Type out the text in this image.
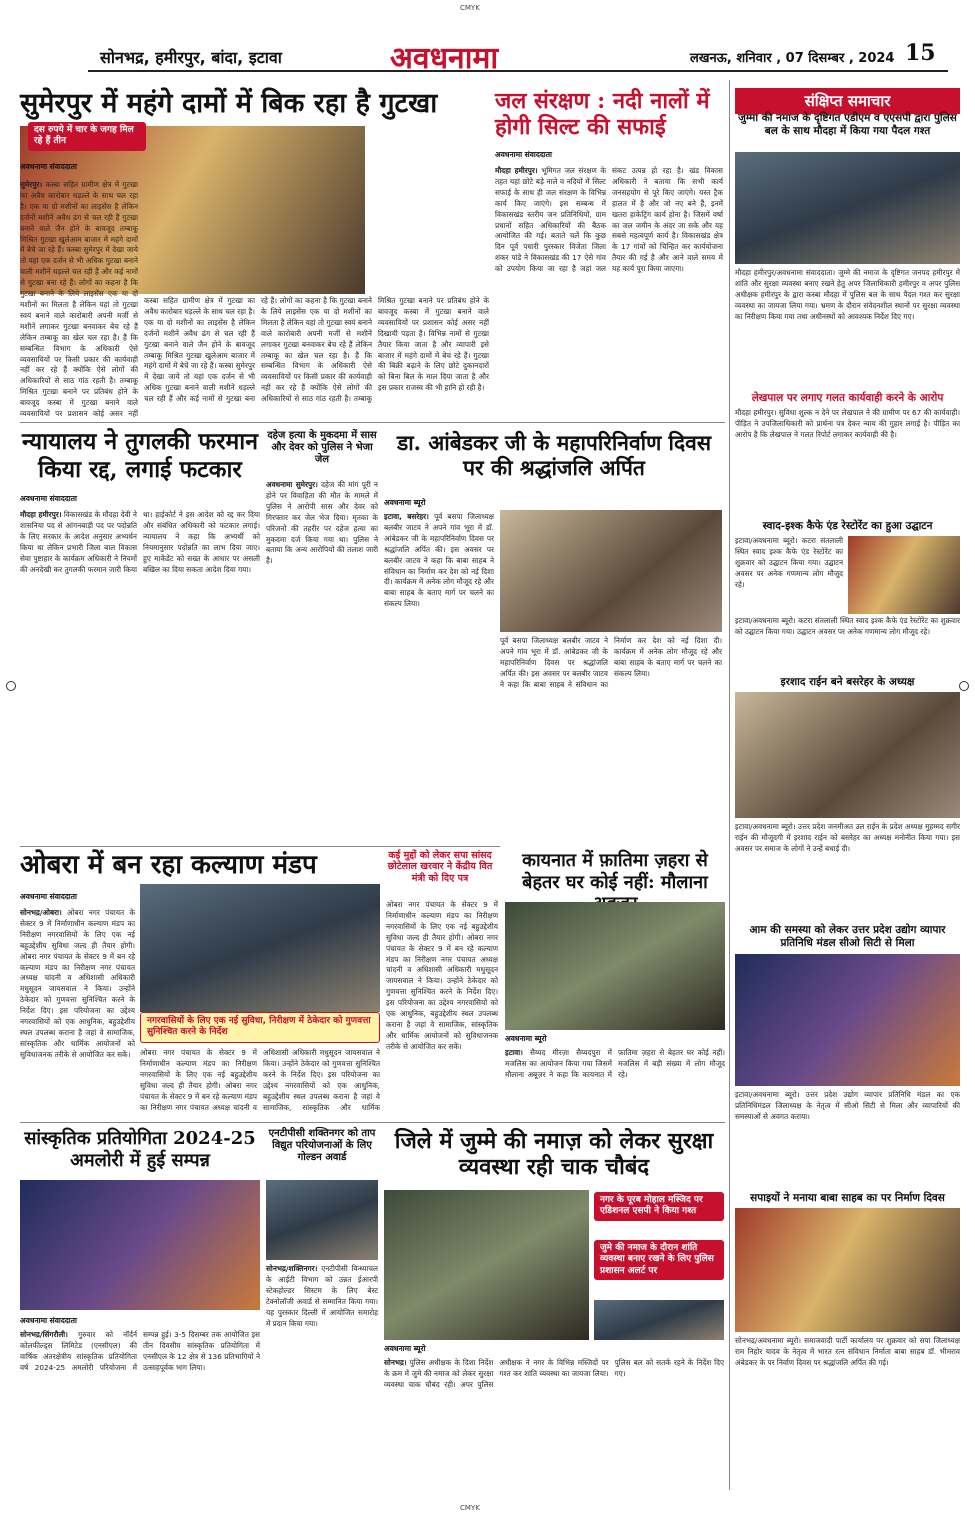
CMYK
सोनभद्र, हमीरपुर, बांदा, इटावा	अवधनामा	लखनऊ, शनिवार , 07 दिसम्बर , 2024 15
सुमेरपुर में महंगे दामों में बिक रहा है गुटखा
दस रुपये में चार के जगह मिल रहे हैं तीन
अवधनामा संवाददाता
सुमेरपुर। कस्बा सहित ग्रामीण क्षेत्र में गुटखा का अवैध कारोबार धड़ल्ले के साथ चल रहा है। एक या दो मशीनों का लाइसेंस है लेकिन दर्जनों मशीनें अवैध ढंग से चल रही हैं गुटखा बनाने वाले जैन होने के बावजूद तम्बाकू मिश्रित गुटखा खुलेआम बाजार में महंगे दामों में बेचे जा रहे हैं। कस्बा सुमेरपुर में देखा जाये तो यहां एक दर्जन से भी अधिक गुटखा बनाने वाली मशीनें धड़ल्ले चल रही हैं और कई नामों से गुटखा बना रहे हैं। लोगों का कहना है कि गुटखा बनाने के लिये लाइसेंस एक या दो मशीनों का मिलता है लेकिन यहां तो गुटखा स्वयं बनाने वाले कारोबारी अपनी मर्जी से मशीनें लगाकर गुटखा बनवाकर बेच रहे हैं लेकिन तम्बाकू का खेल चल रहा है। हैं कि सम्बन्धित विभाग के अधिकारी ऐसे व्यवसायियों पर किसी प्रकार की कार्यवाही नहीं कर रहे हैं क्योंकि ऐसे लोगों की अधिकारियों से साठ गांठ रहती है। तम्बाकू मिश्रित गुटखा बनाने पर प्रतिबंध होने के बावजूद कस्बा में गुटखा बनाने वाले व्यवसायियों पर प्रशासन कोई असर नहीं
कस्बा सहित ग्रामीण क्षेत्र में गुटखा का अवैध कारोबार धड़ल्ले के साथ चल रहा है। एक या दो मशीनों का लाइसेंस है लेकिन दर्जनों मशीनें अवैध ढंग से चल रही हैं गुटखा बनाने वाले जैन होने के बावजूद तम्बाकू मिश्रित गुटखा खुलेआम बाजार में महंगे दामों में बेचे जा रहे हैं। कस्बा सुमेरपुर में देखा जाये तो यहां एक दर्जन से भी अधिक गुटखा बनाने वाली मशीनें धड़ल्ले चल रही हैं और कई नामों से गुटखा बना रहे हैं। लोगों का कहना है कि गुटखा बनाने के लिये लाइसेंस एक या दो मशीनों का मिलता है लेकिन यहां तो गुटखा स्वयं बनाने वाले कारोबारी अपनी मर्जी से मशीनें लगाकर गुटखा बनवाकर बेच रहे हैं लेकिन तम्बाकू का खेल चल रहा है। हैं कि सम्बन्धित विभाग के अधिकारी ऐसे व्यवसायियों पर किसी प्रकार की कार्यवाही नहीं कर रहे हैं क्योंकि ऐसे लोगों की अधिकारियों से साठ गांठ रहती है। तम्बाकू मिश्रित गुटखा बनाने पर प्रतिबंध होने के बावजूद कस्बा में गुटखा बनाने वाले व्यवसायियों पर प्रशासन कोई असर नहीं दिखायी पड़ता है। विभिन्न नामों से गुटखा तैयार किया जाता है और व्यापारी इसे बाजार में महंगे दामों में बेच रहे हैं। गुटखा की बिक्री बढ़ाने के लिए छोटे दुकानदारों को बिना बिल के माल दिया जाता है और इस प्रकार राजस्व की भी हानि हो रही है।
जल संरक्षण : नदी नालों में होगी सिल्ट की सफाई
अवधनामा संवाददाता
मौदहा हमीरपुर। भूमिगत जल संरक्षण के तहत यहां छोटे बड़े नाले व नदियों में सिल्ट सफाई के साथ ही जल संरक्षण के विभिन्न कार्य किए जाएंगे। इस सम्बन्ध में विकासखंड स्तरीय जन प्रतिनिधियों, ग्राम प्रधानों सहित अधिकारियों की बैठक आयोजित की गई। बताते चलें कि कुछ दिन पूर्व पधारी पुरस्कार विजेता जिला शंकर पांडे ने विकासखंड की 17 ऐसे गांव को उपयोग किया जा रहा है जहां जल संकट उत्पन्न हो रहा है। खंड विकास अधिकारी ने बताया कि सभी कार्य जनसहयोग से पूरे किए जाएंगे। यस्त ट्रैक हालत में है और जो नए बने हैं, इनमें खतरा हाकेट्रिंग कार्य होना है। जिसमें वर्षा का जल जमीन के अंदर जा सके और यह सबसे महत्वपूर्ण कार्य है। विकासखंड क्षेत्र के 17 गांवों को चिन्हित कर कार्ययोजना तैयार की गई है और आने वाले समय में यह कार्य पूरा किया जाएगा।
न्यायालय ने तुगलकी फरमान किया रद्द, लगाई फटकार
अवधनामा संवाददाता
मौदहा हमीरपुर। विकासखंड के मौदहा देवी ने शासनिया पद से आंगनबाड़ी पद पर पदोन्नति के लिए सरकार के आदेश अनुसार अभ्यर्थन किया था लेकिन प्रभारी जिला बाल विकास सेवा पुष्टाहार के कार्यक्रम अधिकारी ने नियमों की अनदेखी कर तुगलकी फरमान जारी किया था। हाईकोर्ट ने इस आदेश को रद्द कर दिया और संबंधित अधिकारी को फटकार लगाई। न्यायालय ने कहा कि अभ्यर्थी को नियमानुसार पदोन्नति का लाभ दिया जाए। हुए माकेंडेंट को सख्त के आधार पर असली बखिल का दिया सकता आदेश दिया गया।
दहेज हत्या के मुकदमा में सास और देवर को पुलिस ने भेजा जेल
अवधनामा सुमेरपुर। दहेज की मांग पूरी न होने पर विवाहिता की मौत के मामले में पुलिस ने आरोपी सास और देवर को गिरफ्तार कर जेल भेज दिया। मृतका के परिजनों की तहरीर पर दहेज हत्या का मुकदमा दर्ज किया गया था। पुलिस ने बताया कि अन्य आरोपियों की तलाश जारी है।
डा. आंबेडकर जी के महापरिनिर्वाण दिवस पर की श्रद्धांजलि अर्पित
अवधनामा ब्यूरो
इटावा, बसरेहर। पूर्व बसपा जिलाध्यक्ष बलबीर जाटव ने अपने गांव भूरा में डॉ. आंबेडकर जी के महापरिनिर्वाण दिवस पर श्रद्धांजलि अर्पित की। इस अवसर पर बलबीर जाटव ने कहा कि बाबा साहब ने संविधान का निर्माण कर देश को नई दिशा दी। कार्यक्रम में अनेक लोग मौजूद रहे और बाबा साहब के बताए मार्ग पर चलने का संकल्प लिया।
पूर्व बसपा जिलाध्यक्ष बलबीर जाटव ने अपने गांव भूरा में डॉ. आंबेडकर जी के महापरिनिर्वाण दिवस पर श्रद्धांजलि अर्पित की। इस अवसर पर बलबीर जाटव ने कहा कि बाबा साहब ने संविधान का निर्माण कर देश को नई दिशा दी। कार्यक्रम में अनेक लोग मौजूद रहे और बाबा साहब के बताए मार्ग पर चलने का संकल्प लिया।
ओबरा में बन रहा कल्याण मंडप
अवधनामा संवाददाता
नगरवासियों के लिए एक नई सुविधा, निरीक्षण में ठेकेदार को गुणवत्ता सुनिश्चित करने के निर्देश
सोनभद्र/ओबरा। ओबरा नगर पंचायत के सेक्टर 9 में निर्माणाधीन कल्याण मंडप का निरीक्षण नगरवासियों के लिए एक नई बहुउद्देशीय सुविधा जल्द ही तैयार होगी। ओबरा नगर पंचायत के सेक्टर 9 में बन रहे कल्याण मंडप का निरीक्षण नगर पंचायत अध्यक्ष चांदनी व अधिशासी अधिकारी मधुसूदन जायसवाल ने किया। उन्होंने ठेकेदार को गुणवत्ता सुनिश्चित करने के निर्देश दिए। इस परियोजना का उद्देश्य नगरवासियों को एक आधुनिक, बहुउद्देशीय स्थल उपलब्ध कराना है जहां वे सामाजिक, सांस्कृतिक और धार्मिक आयोजनों को सुविधाजनक तरीके से आयोजित कर सकें।	ओबरा नगर पंचायत के सेक्टर 9 में निर्माणाधीन कल्याण मंडप का निरीक्षण नगरवासियों के लिए एक नई बहुउद्देशीय सुविधा जल्द ही तैयार होगी। ओबरा नगर पंचायत के सेक्टर 9 में बन रहे कल्याण मंडप का निरीक्षण नगर पंचायत अध्यक्ष चांदनी व अधिशासी अधिकारी मधुसूदन जायसवाल ने किया। उन्होंने ठेकेदार को गुणवत्ता सुनिश्चित करने के निर्देश दिए। इस परियोजना का उद्देश्य नगरवासियों को एक आधुनिक, बहुउद्देशीय स्थल उपलब्ध कराना है जहां वे सामाजिक, सांस्कृतिक और धार्मिक
ओबरा नगर पंचायत के सेक्टर 9 में निर्माणाधीन कल्याण मंडप का निरीक्षण नगरवासियों के लिए एक नई बहुउद्देशीय सुविधा जल्द ही तैयार होगी। ओबरा नगर पंचायत के सेक्टर 9 में बन रहे कल्याण मंडप का निरीक्षण नगर पंचायत अध्यक्ष चांदनी व अधिशासी अधिकारी मधुसूदन जायसवाल ने किया। उन्होंने ठेकेदार को गुणवत्ता सुनिश्चित करने के निर्देश दिए। इस परियोजना का उद्देश्य नगरवासियों को एक आधुनिक, बहुउद्देशीय स्थल उपलब्ध कराना है जहां वे सामाजिक, सांस्कृतिक और धार्मिक आयोजनों को सुविधाजनक तरीके से आयोजित कर सकें।
कई मुद्दों को लेकर सपा सांसद छोटेलाल खरवार ने केंद्रीय वित मंत्री को दिए पत्र
कायनात में फ़ातिमा ज़हरा से बेहतर घर कोई नहीं: मौलाना
अवधनामा ब्यूरो
इटावा। सैय्यद मीरज़ा सैय्यदपुरा में मजलिस का आयोजन किया गया जिसमें मौलाना अबूज़र ने कहा कि कायनात में फ़ातिमा ज़हरा से बेहतर घर कोई नहीं। मजलिस में बड़ी संख्या में लोग मौजूद रहे।
सांस्कृतिक प्रतियोगिता 2024-25 अमलोरी में हुई सम्पन्न
अवधनामा संवाददाता
सोनभद्र/सिंगरौली। गुरुवार को नॉर्दर्न कोलफील्ड्स लिमिटेड (एनसीएल) की वार्षिक अंतरक्षेत्रीय सांस्कृतिक प्रतियोगिता वर्ष 2024-25 अमलोरी परियोजना में सम्पन्न हुई। 3-5 दिसम्बर तक आयोजित इस तीन दिवसीय सांस्कृतिक प्रतियोगिता में एनसीएल के 12 क्षेत्र से 136 प्रतिभागियों ने उत्साहपूर्वक भाग लिया।
एनटीपीसी शक्तिनगर को ताप विद्युत परियोजनाओं के लिए गोल्डन अवार्ड
सोनभद्र/शक्तिनगर। एनटीपीसी विन्ध्याचल के आईटी विभाग को उन्नत ईआरपी स्टेकहोल्डर सिस्टम के लिए बेस्ट टेक्नोलॉजी अवार्ड से सम्मानित किया गया। यह पुरस्कार दिल्ली में आयोजित समारोह में प्रदान किया गया।
जिले में जुम्मे की नमाज़ को लेकर सुरक्षा व्यवस्था रही चाक चौबंद
नगर के पूरब मोहाल मस्जिद पर एडिशनल एसपी ने किया गश्त
जुमे की नमाज के दौरान शांति व्यवस्था बनाए रखने के लिए पुलिस प्रशासन अलर्ट पर
अवधनामा ब्यूरो
सोनभद्र। पुलिस अधीक्षक के दिशा निर्देश के क्रम में जुमे की नमाज को लेकर सुरक्षा व्यवस्था चाक चौबंद रही। अपर पुलिस अधीक्षक ने नगर के विभिन्न मस्जिदों पर गश्त कर शांति व्यवस्था का जायजा लिया। पुलिस बल को सतर्क रहने के निर्देश दिए गए।
संक्षिप्त समाचार
जुम्मा की नमाज के दृष्टिगत एडीएम व एएसपी द्वारा पुलिस बल के साथ मौदहा में किया गया पैदल गश्त
मौदहा हमीरपुर/अवधनामा संवाददाता। जुम्मे की नमाज के दृष्टिगत जनपद हमीरपुर में शांति और सुरक्षा व्यवस्था बनाए रखने हेतु अपर जिलाधिकारी हमीरपुर व अपर पुलिस अधीक्षक हमीरपुर के द्वारा कस्बा मौदहा में पुलिस बल के साथ पैदल गश्त कर सुरक्षा व्यवस्था का जायजा लिया गया। भ्रमण के दौरान संवेदनशील स्थानों पर सुरक्षा व्यवस्था का निरीक्षण किया गया तथा अधीनस्थों को आवश्यक निर्देश दिए गए।
लेखपाल पर लगाए गलत कार्यवाही करने के आरोप
मौदहा हमीरपुर। सुविधा शुल्क न देने पर लेखपाल ने की ग्रामीण पर 67 की कार्यवाही। पीड़ित ने उपजिलाधिकारी को प्रार्थना पत्र देकर न्याय की गुहार लगाई है। पीड़ित का आरोप है कि लेखपाल ने गलत रिपोर्ट लगाकर कार्यवाही की है।
स्वाद-इश्क कैफे एंड रेस्टोरेंट का हुआ उद्घाटन
इटावा/अवधनामा ब्यूरो। कटरा संतलाली स्थित स्वाद इश्क कैफे एंड रेस्टोरेंट का शुक्रवार को उद्घाटन किया गया। उद्घाटन अवसर पर अनेक गणमान्य लोग मौजूद रहे।
इटावा/अवधनामा ब्यूरो। कटरा संतलाली स्थित स्वाद इश्क कैफे एंड रेस्टोरेंट का शुक्रवार को उद्घाटन किया गया। उद्घाटन अवसर पर अनेक गणमान्य लोग मौजूद रहे।
इरशाद राईन बने बसरेहर के अध्यक्ष
इटावा/अवधनामा ब्यूरो। उत्तर प्रदेश जनमीअत उल राईन के प्रदेश अध्यक्ष मुहम्मद सगीर राईन की मौजूदगी में इरशाद राईन को बसरेहर का अध्यक्ष मनोनीत किया गया। इस अवसर पर समाज के लोगों ने उन्हें बधाई दी।
आम की समस्या को लेकर उत्तर प्रदेश उद्योग व्यापार प्रतिनिधि मंडल सीओ सिटी से मिला
इटावा/अवधनामा ब्यूरो। उत्तर प्रदेश उद्योग व्यापार प्रतिनिधि मंडल का एक प्रतिनिधिमंडल जिलाध्यक्ष के नेतृत्व में सीओ सिटी से मिला और व्यापारियों की समस्याओं से अवगत कराया।
सपाइयों ने मनाया बाबा साहब का पर निर्माण दिवस
सोनभद्र/अवधनामा ब्यूरो। समाजवादी पार्टी कार्यालय पर शुक्रवार को सपा जिलाध्यक्ष राम निहोर यादव के नेतृत्व में भारत रत्न संविधान निर्माता बाबा साहब डॉ. भीमराव अंबेडकर के पर निर्वाण दिवस पर श्रद्धांजलि अर्पित की गई।
CMYK
